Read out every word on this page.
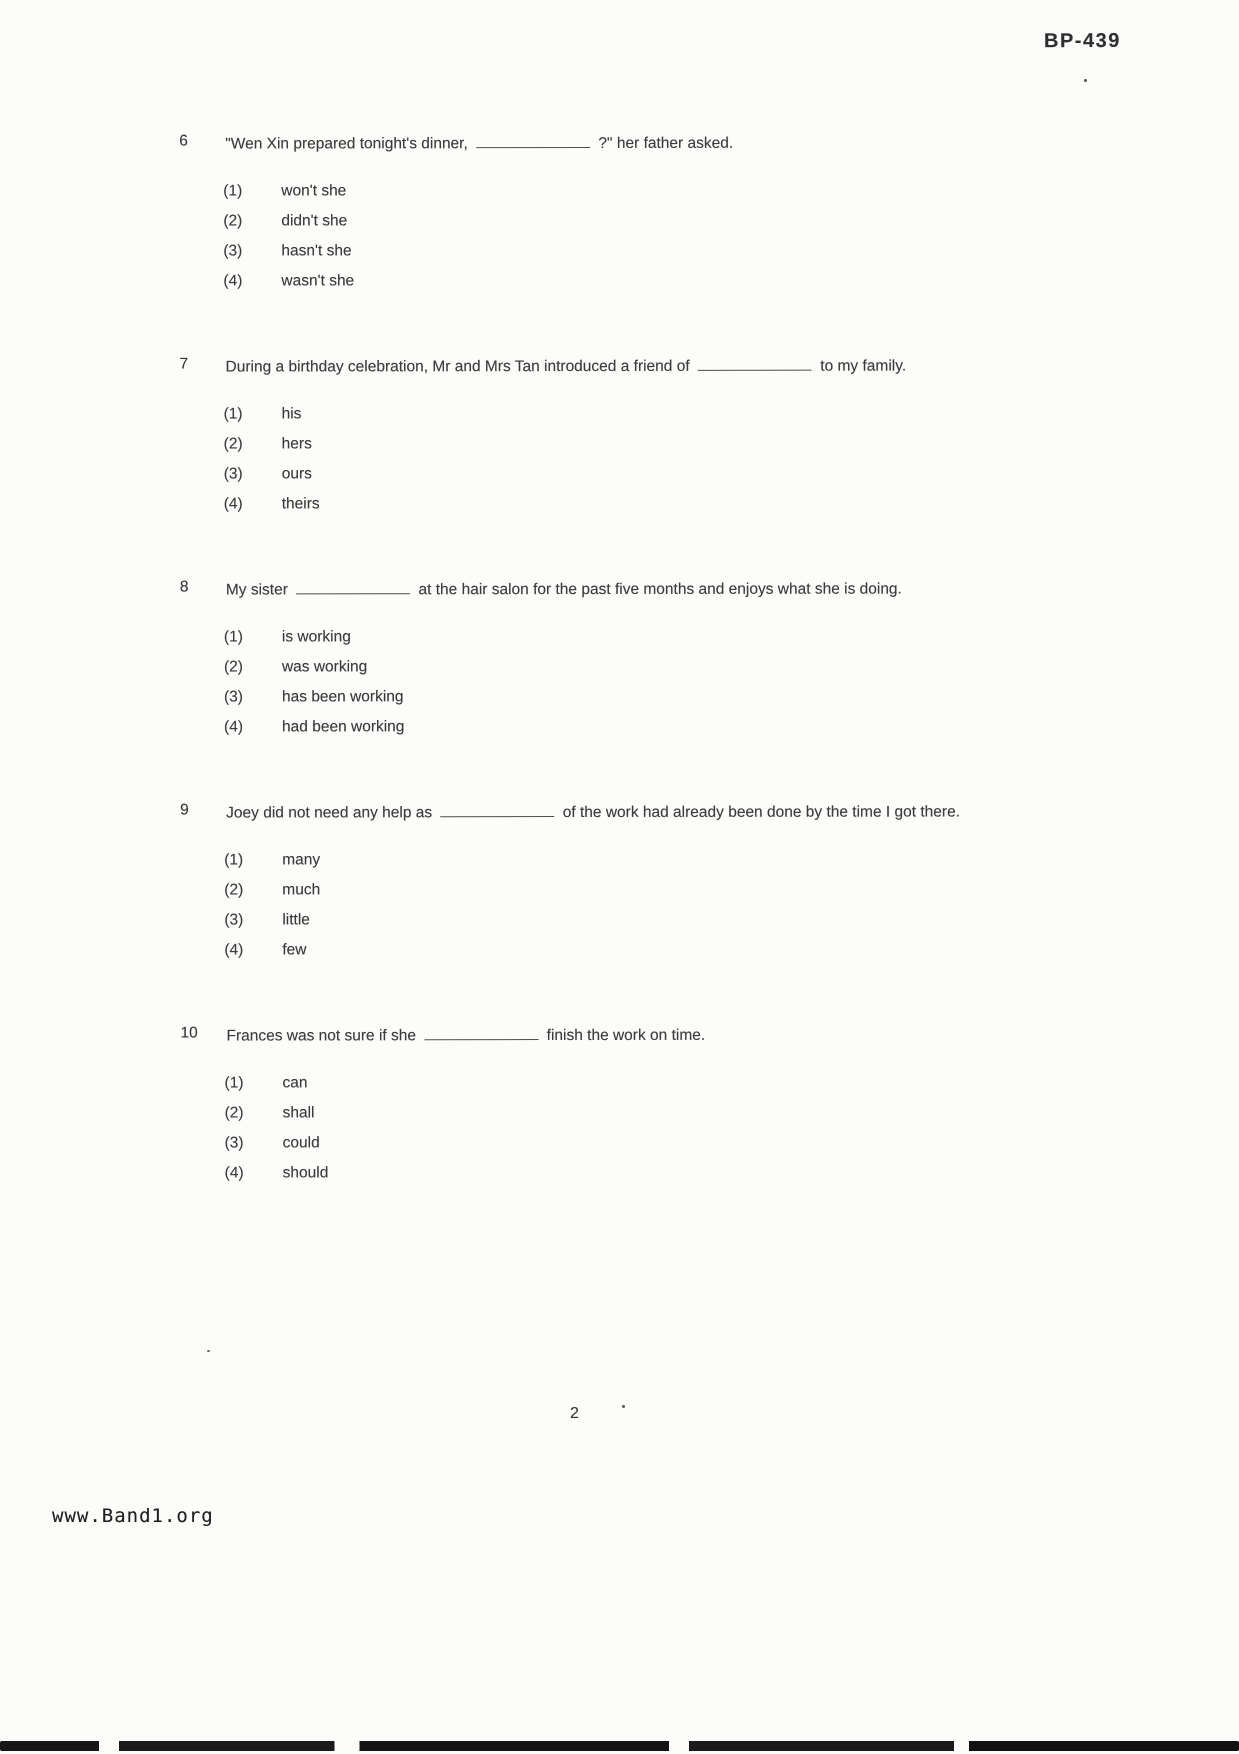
BP-439
6	"Wen Xin prepared tonight's dinner,	?" her father asked.
(1)	won't she
(2)	didn't she
(3)	hasn't she
(4)	wasn't she
7	During a birthday celebration, Mr and Mrs Tan introduced a friend of	to my family.
(1)	his
(2)	hers
(3)	ours
(4)	theirs
8	My sister	at the hair salon for the past five months and enjoys what she is doing.
(1)	is working
(2)	was working
(3)	has been working
(4)	had been working
9	Joey did not need any help as	of the work had already been done by the time I got there.
(1)	many
(2)	much
(3)	little
(4)	few
10	Frances was not sure if she	finish the work on time.
(1)	can
(2)	shall
(3)	could
(4)	should
2
www.Band1.org
